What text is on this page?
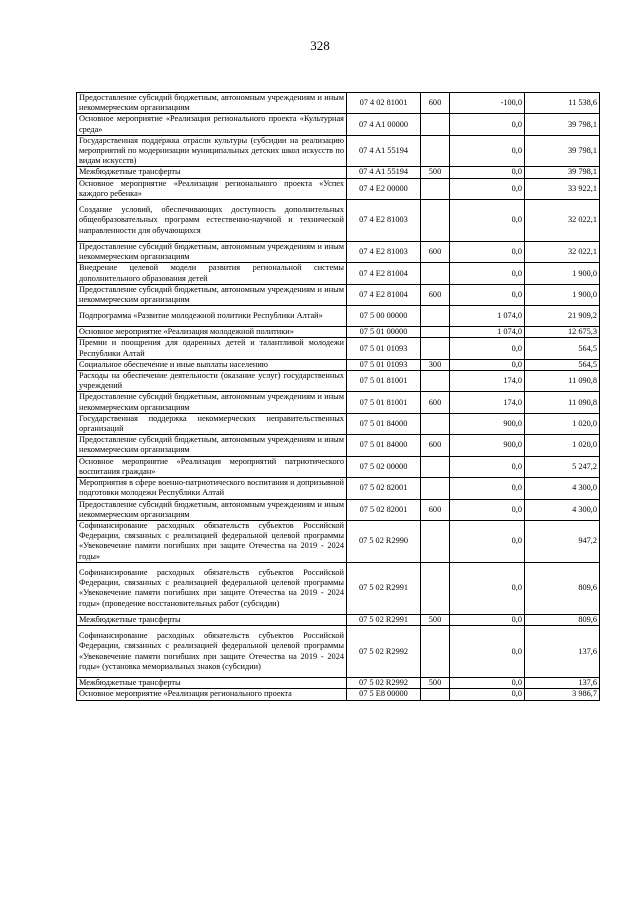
328
Предоставление субсидий бюджетным, автономным учреждениям и иным некоммерческим организациям	07 4 02 81001	600	-100,0	11 538,6
Основное мероприятие «Реализация регионального проекта «Культурная среда»	07 4 A1 00000		0,0	39 798,1
Государственная поддержка отрасли культуры (субсидии на реализацию мероприятий по модернизации муниципальных детских школ искусств по видам искусств)	07 4 A1 55194		0,0	39 798,1
Межбюджетные трансферты	07 4 A1 55194	500	0,0	39 798,1
Основное мероприятие «Реализация регионального проекта «Успех каждого ребенка»	07 4 E2 00000		0,0	33 922,1
Создание условий, обеспечивающих доступность дополнительных общеобразовательных программ естественно-научной и технической направленности для обучающихся	07 4 E2 81003		0,0	32 022,1
Предоставление субсидий бюджетным, автономным учреждениям и иным некоммерческим организациям	07 4 E2 81003	600	0,0	32 022,1
Внедрение целевой модели развития региональной системы дополнительного образования детей	07 4 E2 81004		0,0	1 900,0
Предоставление субсидий бюджетным, автономным учреждениям и иным некоммерческим организациям	07 4 E2 81004	600	0,0	1 900,0
Подпрограмма «Развитие молодежной политики Республики Алтай»	07 5 00 00000		1 074,0	21 909,2
Основное мероприятие «Реализация молодежной политики»	07 5 01 00000		1 074,0	12 675,3
Премии и поощрения для одаренных детей и талантливой молодежи Республики Алтай	07 5 01 01093		0,0	564,5
Социальное обеспечение и иные выплаты населению	07 5 01 01093	300	0,0	564,5
Расходы на обеспечение деятельности (оказание услуг) государственных учреждений	07 5 01 81001		174,0	11 090,8
Предоставление субсидий бюджетным, автономным учреждениям и иным некоммерческим организациям	07 5 01 81001	600	174,0	11 090,8
Государственная поддержка некоммерческих неправительственных организаций	07 5 01 84000		900,0	1 020,0
Предоставление субсидий бюджетным, автономным учреждениям и иным некоммерческим организациям	07 5 01 84000	600	900,0	1 020,0
Основное мероприятие «Реализация мероприятий патриотического воспитания граждан»	07 5 02 00000		0,0	5 247,2
Мероприятия в сфере военно-патриотического воспитания и допризывной подготовки молодежи Республики Алтай	07 5 02 82001		0,0	4 300,0
Предоставление субсидий бюджетным, автономным учреждениям и иным некоммерческим организациям	07 5 02 82001	600	0,0	4 300,0
Софинансирование расходных обязательств субъектов Российской Федерации, связанных с реализацией федеральной целевой программы «Увековечение памяти погибших при защите Отечества на 2019 - 2024 годы»	07 5 02 R2990		0,0	947,2
Софинансирование расходных обязательств субъектов Российской Федерации, связанных с реализацией федеральной целевой программы «Увековечение памяти погибших при защите Отечества на 2019 - 2024 годы» (проведение восстановительных работ (субсидии)	07 5 02 R2991		0,0	809,6
Межбюджетные трансферты	07 5 02 R2991	500	0,0	809,6
Софинансирование расходных обязательств субъектов Российской Федерации, связанных с реализацией федеральной целевой программы «Увековечение памяти погибших при защите Отечества на 2019 - 2024 годы» (установка мемориальных знаков (субсидии)	07 5 02 R2992		0,0	137,6
Межбюджетные трансферты	07 5 02 R2992	500	0,0	137,6
Основное мероприятие «Реализация регионального проекта	07 5 E8 00000		0,0	3 986,7
